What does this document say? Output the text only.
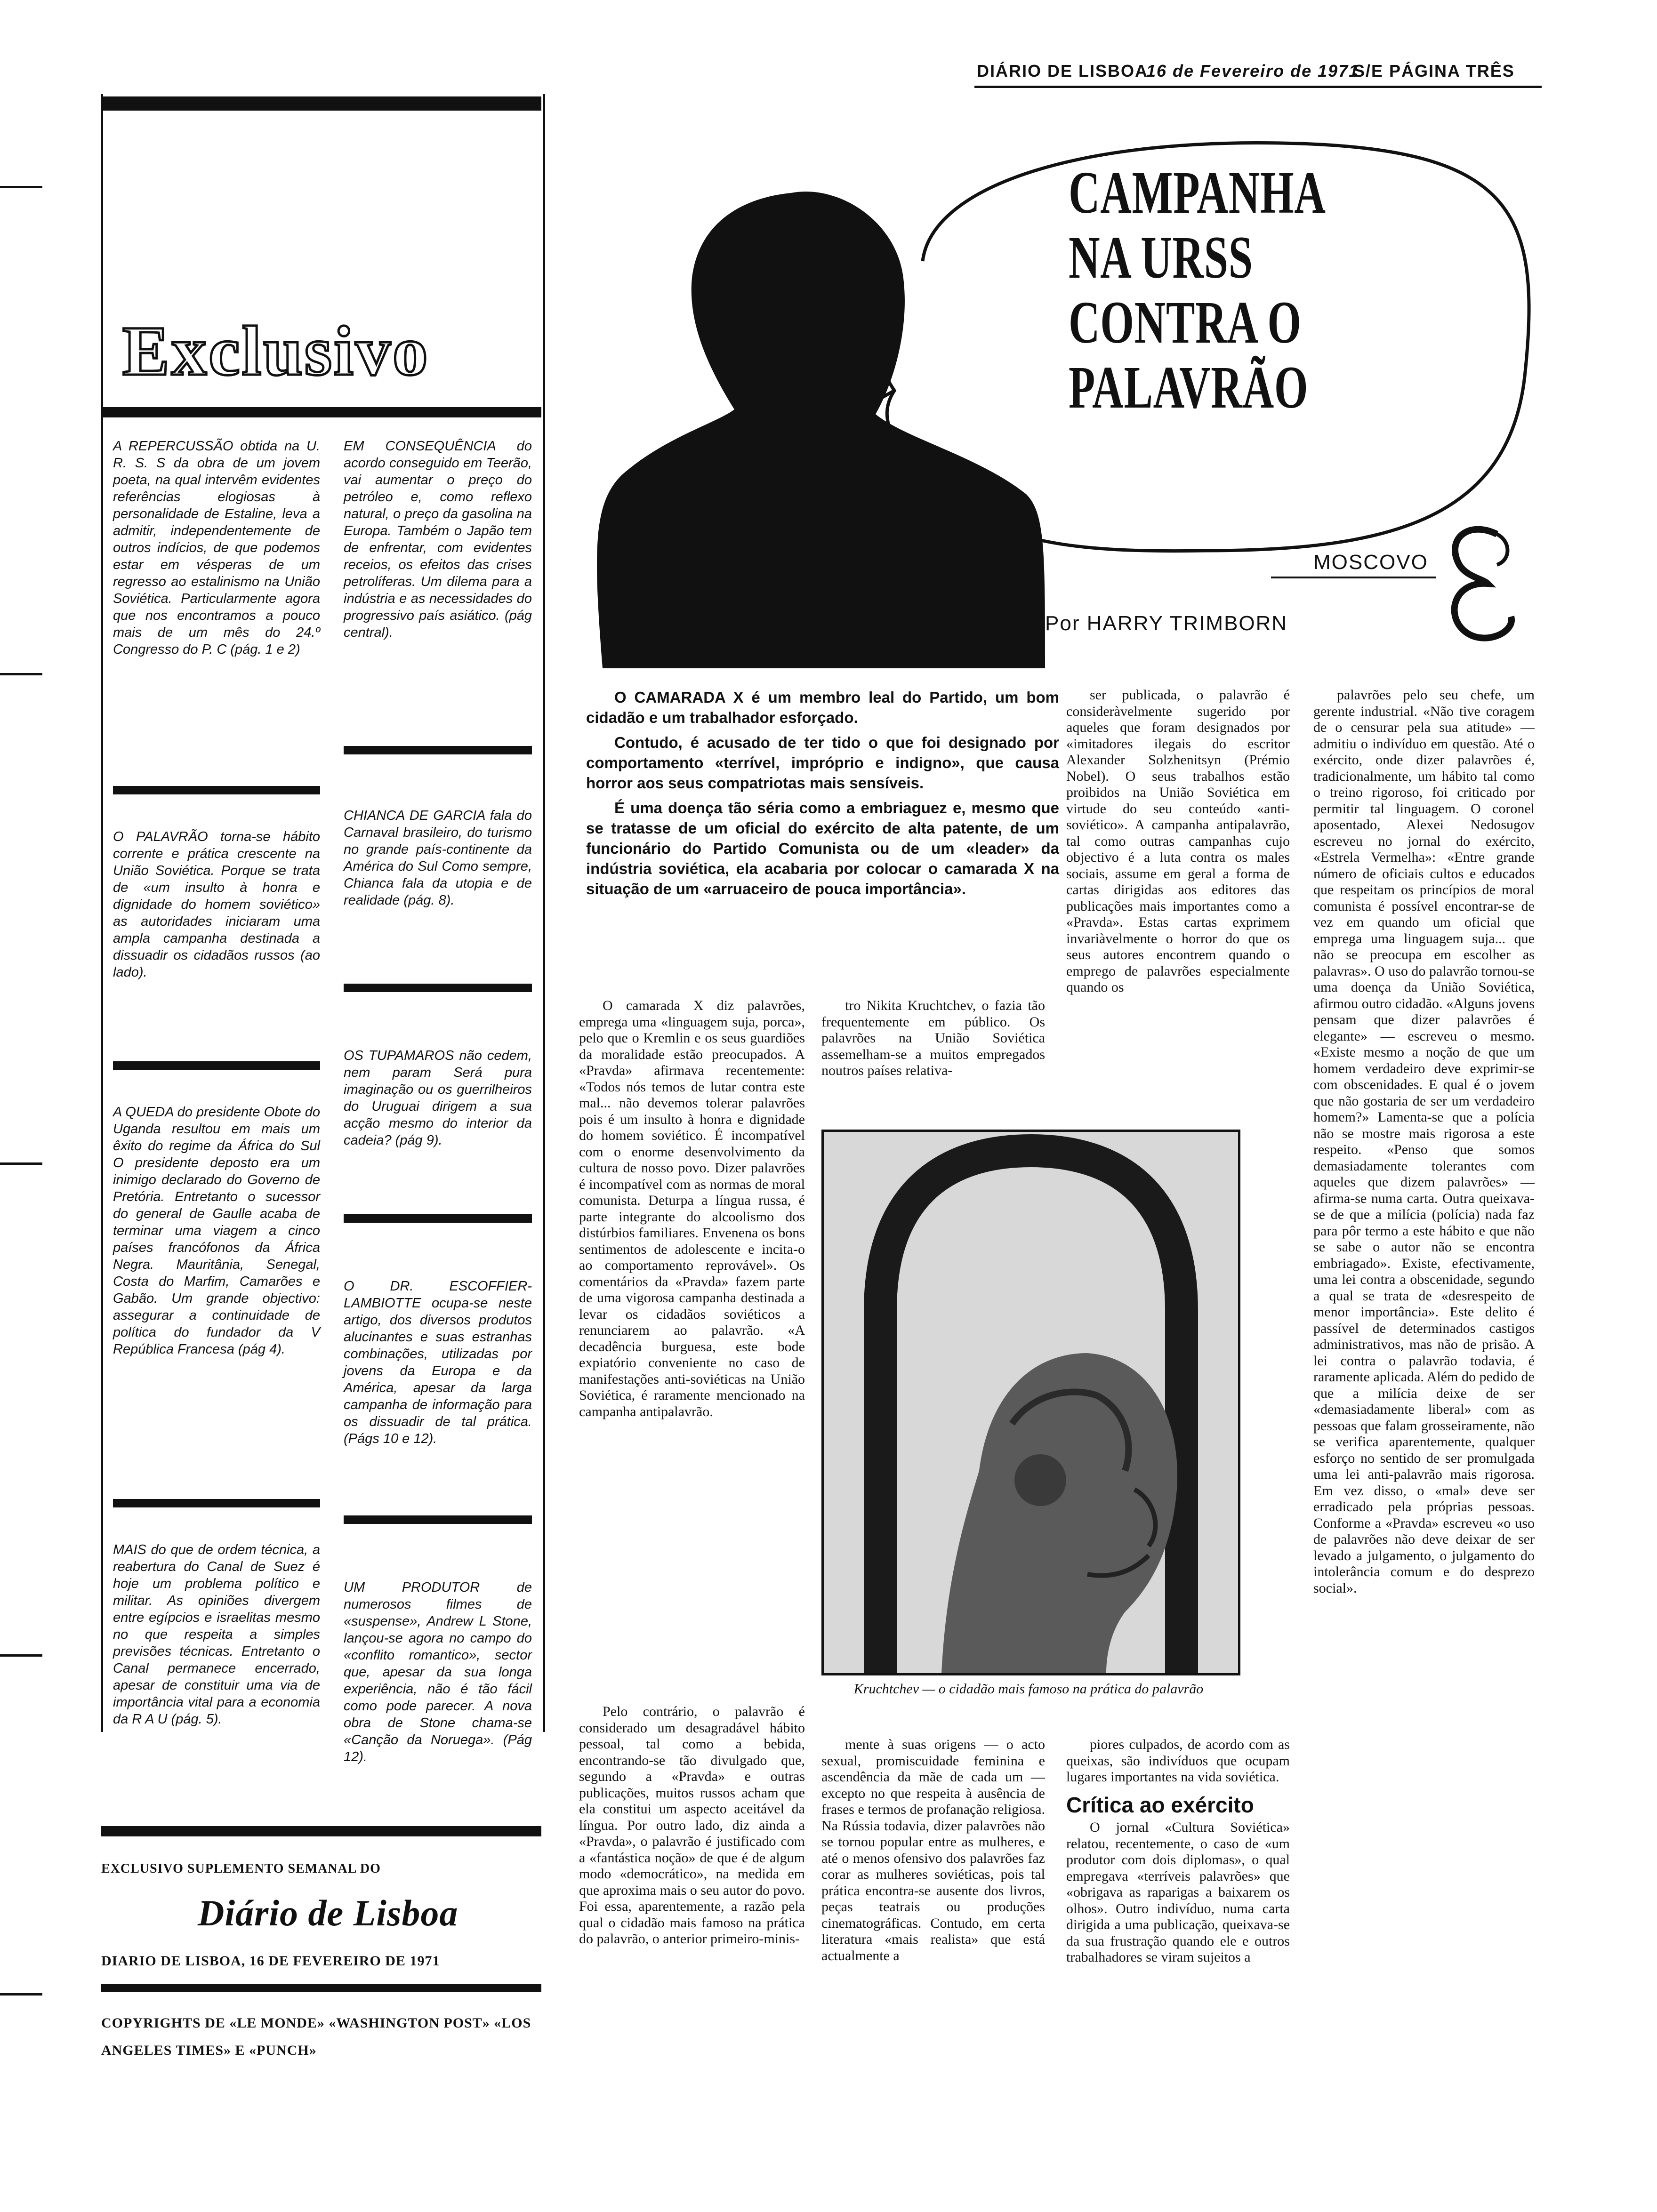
DIÁRIO DE LISBOA
16 de Fevereiro de 1971
S/E PÁGINA TRÊS
Exclusivo
A REPERCUSSÃO obtida na U. R. S. S da obra de um jovem poeta, na qual intervêm evidentes referências elogiosas à personalidade de Estaline, leva a admitir, independentemente de outros indícios, de que podemos estar em vésperas de um regresso ao estalinismo na União Soviética. Particularmente agora que nos encontramos a pouco mais de um mês do 24.º Congresso do P. C (pág. 1 e 2)
O PALAVRÃO torna-se hábito corrente e prática crescente na União Soviética. Porque se trata de «um insulto à honra e dignidade do homem soviético» as autoridades iniciaram uma ampla campanha destinada a dissuadir os cidadãos russos (ao lado).
A QUEDA do presidente Obote do Uganda resultou em mais um êxito do regime da África do Sul O presidente deposto era um inimigo declarado do Governo de Pretória. Entretanto o sucessor do general de Gaulle acaba de terminar uma viagem a cinco países francófonos da África Negra. Mauritânia, Senegal, Costa do Marfim, Camarões e Gabão. Um grande objectivo: assegurar a continuidade de política do fundador da V República Francesa (pág 4).
MAIS do que de ordem técnica, a reabertura do Canal de Suez é hoje um problema político e militar. As opiniões divergem entre egípcios e israelitas mesmo no que respeita a simples previsões técnicas. Entretanto o Canal permanece encerrado, apesar de constituir uma via de importância vital para a economia da R A U (pág. 5).
EM CONSEQUÊNCIA do acordo conseguido em Teerão, vai aumentar o preço do petróleo e, como reflexo natural, o preço da gasolina na Europa. Também o Japão tem de enfrentar, com evidentes receios, os efeitos das crises petrolíferas. Um dilema para a indústria e as necessidades do progressivo país asiático. (pág central).
CHIANCA DE GARCIA fala do Carnaval brasileiro, do turismo no grande país-continente da América do Sul Como sempre, Chianca fala da utopia e de realidade (pág. 8).
OS TUPAMAROS não cedem, nem param Será pura imaginação ou os guerrilheiros do Uruguai dirigem a sua acção mesmo do interior da cadeia? (pág 9).
O DR. ESCOFFIER-LAMBIOTTE ocupa-se neste artigo, dos diversos produtos alucinantes e suas estranhas combinações, utilizadas por jovens da Europa e da América, apesar da larga campanha de informação para os dissuadir de tal prática. (Págs 10 e 12).
UM PRODUTOR de numerosos filmes de «suspense», Andrew L Stone, lançou-se agora no campo do «conflito romantico», sector que, apesar da sua longa experiência, não é tão fácil como pode parecer. A nova obra de Stone chama-se «Canção da Noruega». (Pág 12).
EXCLUSIVO SUPLEMENTO SEMANAL DO
Diário de Lisboa
DIARIO DE LISBOA, 16 DE FEVEREIRO DE 1971
COPYRIGHTS DE «LE MONDE» «WASHINGTON POST» «LOS ANGELES TIMES» E «PUNCH»
CAMPANHA
NA URSS
CONTRA O
PALAVRÃO
MOSCOVO
Por HARRY TRIMBORN

O CAMARADA X é um membro leal do Partido, um bom cidadão e um trabalhador esforçado.

Contudo, é acusado de ter tido o que foi designado por comportamento «terrível, impróprio e indigno», que causa horror aos seus compatriotas mais sensíveis.

É uma doença tão séria como a embriaguez e, mesmo que se tratasse de um oficial do exército de alta patente, de um funcionário do Partido Comunista ou de um «leader» da indústria soviética, ela acabaria por colocar o camarada X na situação de um «arruaceiro de pouca importância».

O camarada X diz palavrões, emprega uma «linguagem suja, porca», pelo que o Kremlin e os seus guardiões da moralidade estão preocupados. A «Pravda» afirmava recentemente: «Todos nós temos de lutar contra este mal... não devemos tolerar palavrões pois é um insulto à honra e dignidade do homem soviético. É incompatível com o enorme desenvolvimento da cultura de nosso povo. Dizer palavrões é incompatível com as normas de moral comunista. Deturpa a língua russa, é parte integrante do alcoolismo dos distúrbios familiares. Envenena os bons sentimentos de adolescente e incita-o ao comportamento reprovável». Os comentários da «Pravda» fazem parte de uma vigorosa campanha destinada a levar os cidadãos soviéticos a renunciarem ao palavrão. «A decadência burguesa, este bode expiatório conveniente no caso de manifestações anti-soviéticas na União Soviética, é raramente mencionado na campanha antipalavrão.

tro Nikita Kruchtchev, o fazia tão frequentemente em público. Os palavrões na União Soviética assemelham-se a muitos empregados noutros países relativa-

ser publicada, o palavrão é consideràvelmente sugerido por aqueles que foram designados por «imitadores ilegais do escritor Alexander Solzhenitsyn (Prémio Nobel). O seus trabalhos estão proibidos na União Soviética em virtude do seu conteúdo «anti-soviético». A campanha antipalavrão, tal como outras campanhas cujo objectivo é a luta contra os males sociais, assume em geral a forma de cartas dirigidas aos editores das publicações mais importantes como a «Pravda». Estas cartas exprimem invariàvelmente o horror do que os seus autores encontrem quando o emprego de palavrões especialmente quando os

palavrões pelo seu chefe, um gerente industrial. «Não tive coragem de o censurar pela sua atitude» — admitiu o indivíduo em questão. Até o exército, onde dizer palavrões é, tradicionalmente, um hábito tal como o treino rigoroso, foi criticado por permitir tal linguagem. O coronel aposentado, Alexei Nedosugov escreveu no jornal do exército, «Estrela Vermelha»: «Entre grande número de oficiais cultos e educados que respeitam os princípios de moral comunista é possível encontrar-se de vez em quando um oficial que emprega uma linguagem suja... que não se preocupa em escolher as palavras». O uso do palavrão tornou-se uma doença da União Soviética, afirmou outro cidadão. «Alguns jovens pensam que dizer palavrões é elegante» — escreveu o mesmo. «Existe mesmo a noção de que um homem verdadeiro deve exprimir-se com obscenidades. E qual é o jovem que não gostaria de ser um verdadeiro homem?» Lamenta-se que a polícia não se mostre mais rigorosa a este respeito. «Penso que somos demasiadamente tolerantes com aqueles que dizem palavrões» — afirma-se numa carta. Outra queixava-se de que a milícia (polícia) nada faz para pôr termo a este hábito e que não se sabe o autor não se encontra embriagado». Existe, efectivamente, uma lei contra a obscenidade, segundo a qual se trata de «desrespeito de menor importância». Este delito é passível de determinados castigos administrativos, mas não de prisão. A lei contra o palavrão todavia, é raramente aplicada. Além do pedido de que a milícia deixe de ser «demasiadamente liberal» com as pessoas que falam grosseiramente, não se verifica aparentemente, qualquer esforço no sentido de ser promulgada uma lei anti-palavrão mais rigorosa. Em vez disso, o «mal» deve ser erradicado pela próprias pessoas. Conforme a «Pravda» escreveu «o uso de palavrões não deve deixar de ser levado a julgamento, o julgamento do intolerância comum e do desprezo social».

Kruchtchev — o cidadão mais famoso na prática do palavrão

Pelo contrário, o palavrão é considerado um desagradável hábito pessoal, tal como a bebida, encontrando-se tão divulgado que, segundo a «Pravda» e outras publicações, muitos russos acham que ela constitui um aspecto aceitável da língua. Por outro lado, diz ainda a «Pravda», o palavrão é justificado com a «fantástica noção» de que é de algum modo «democrático», na medida em que aproxima mais o seu autor do povo. Foi essa, aparentemente, a razão pela qual o cidadão mais famoso na prática do palavrão, o anterior primeiro-minis-

mente à suas origens — o acto sexual, promiscuidade feminina e ascendência da mãe de cada um — excepto no que respeita à ausência de frases e termos de profanação religiosa. Na Rússia todavia, dizer palavrões não se tornou popular entre as mulheres, e até o menos ofensivo dos palavrões faz corar as mulheres soviéticas, pois tal prática encontra-se ausente dos livros, peças teatrais ou produções cinematográficas. Contudo, em certa literatura «mais realista» que está actualmente a

piores culpados, de acordo com as queixas, são indivíduos que ocupam lugares importantes na vida soviética.

Crítica ao exército

O jornal «Cultura Soviética» relatou, recentemente, o caso de «um produtor com dois diplomas», o qual empregava «terríveis palavrões» que «obrigava as raparigas a baixarem os olhos». Outro indivíduo, numa carta dirigida a uma publicação, queixava-se da sua frustração quando ele e outros trabalhadores se viram sujeitos a
